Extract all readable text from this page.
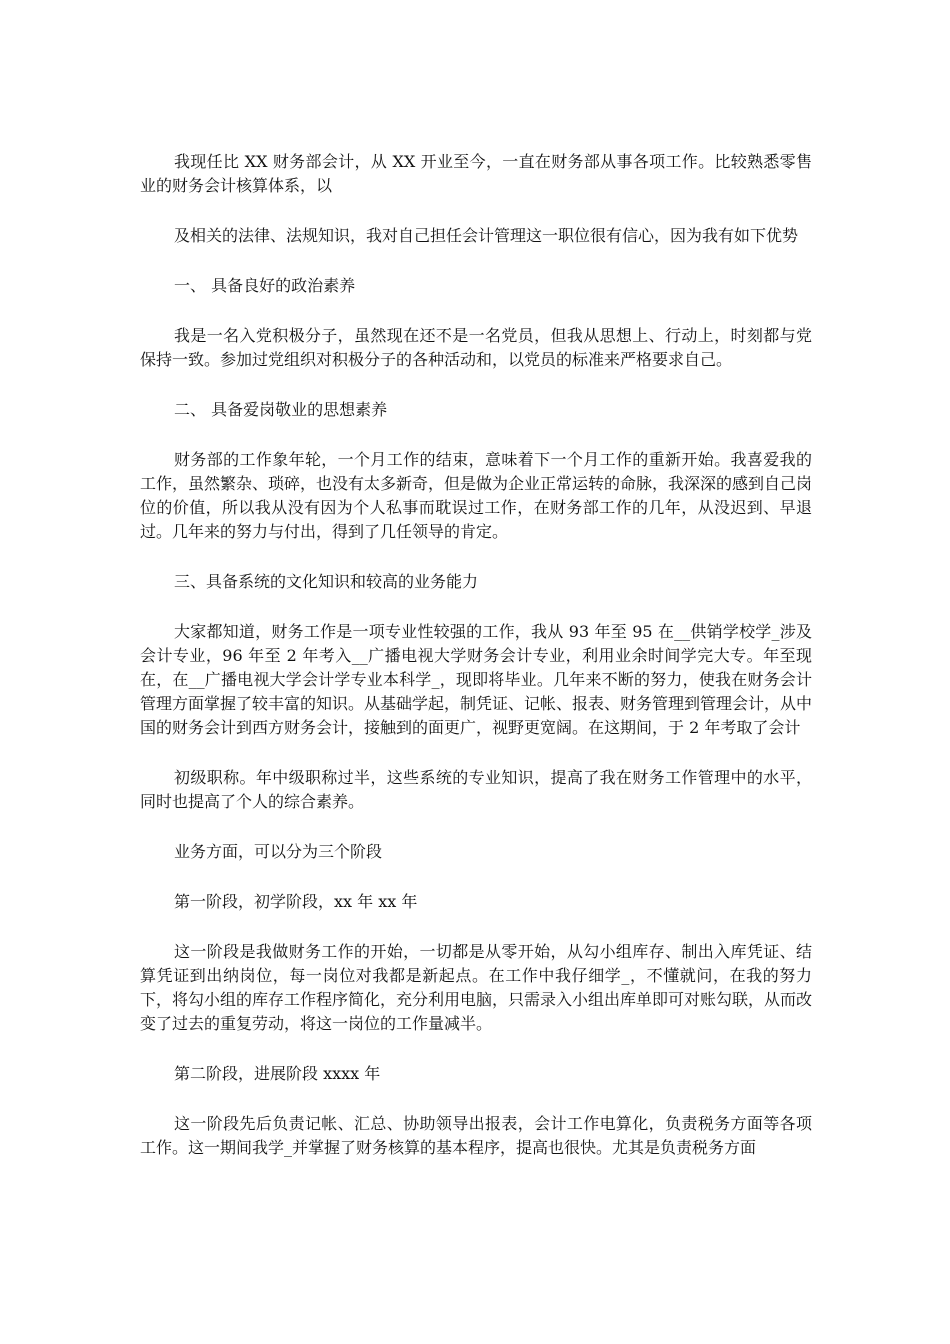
我现任比 XX 财务部会计，从 XX 开业至今，一直在财务部从事各项工作。比较熟悉零售业的财务会计核算体系，以

及相关的法律、法规知识，我对自己担任会计管理这一职位很有信心，因为我有如下优势

一、 具备良好的政治素养

我是一名入党积极分子，虽然现在还不是一名党员，但我从思想上、行动上，时刻都与党保持一致。参加过党组织对积极分子的各种活动和，以党员的标准来严格要求自己。

二、 具备爱岗敬业的思想素养

财务部的工作象年轮，一个月工作的结束，意味着下一个月工作的重新开始。我喜爱我的工作，虽然繁杂、琐碎，也没有太多新奇，但是做为企业正常运转的命脉，我深深的感到自己岗位的价值，所以我从没有因为个人私事而耽误过工作，在财务部工作的几年，从没迟到、早退过。几年来的努力与付出，得到了几任领导的肯定。

三、具备系统的文化知识和较高的业务能力

大家都知道，财务工作是一项专业性较强的工作，我从 93 年至 95 在__供销学校学_涉及会计专业，96 年至 2 年考入__广播电视大学财务会计专业，利用业余时间学完大专。年至现在，在__广播电视大学会计学专业本科学_，现即将毕业。几年来不断的努力，使我在财务会计管理方面掌握了较丰富的知识。从基础学起，制凭证、记帐、报表、财务管理到管理会计，从中国的财务会计到西方财务会计，接触到的面更广，视野更宽阔。在这期间，于 2 年考取了会计

初级职称。年中级职称过半，这些系统的专业知识，提高了我在财务工作管理中的水平，同时也提高了个人的综合素养。

业务方面，可以分为三个阶段

第一阶段，初学阶段，xx 年 xx 年

这一阶段是我做财务工作的开始，一切都是从零开始，从勾小组库存、制出入库凭证、结算凭证到出纳岗位，每一岗位对我都是新起点。在工作中我仔细学_，不懂就问，在我的努力下，将勾小组的库存工作程序简化，充分利用电脑，只需录入小组出库单即可对账勾联，从而改变了过去的重复劳动，将这一岗位的工作量减半。

第二阶段，进展阶段 xxxx 年

这一阶段先后负责记帐、汇总、协助领导出报表，会计工作电算化，负责税务方面等各项工作。这一期间我学_并掌握了财务核算的基本程序，提高也很快。尤其是负责税务方面
